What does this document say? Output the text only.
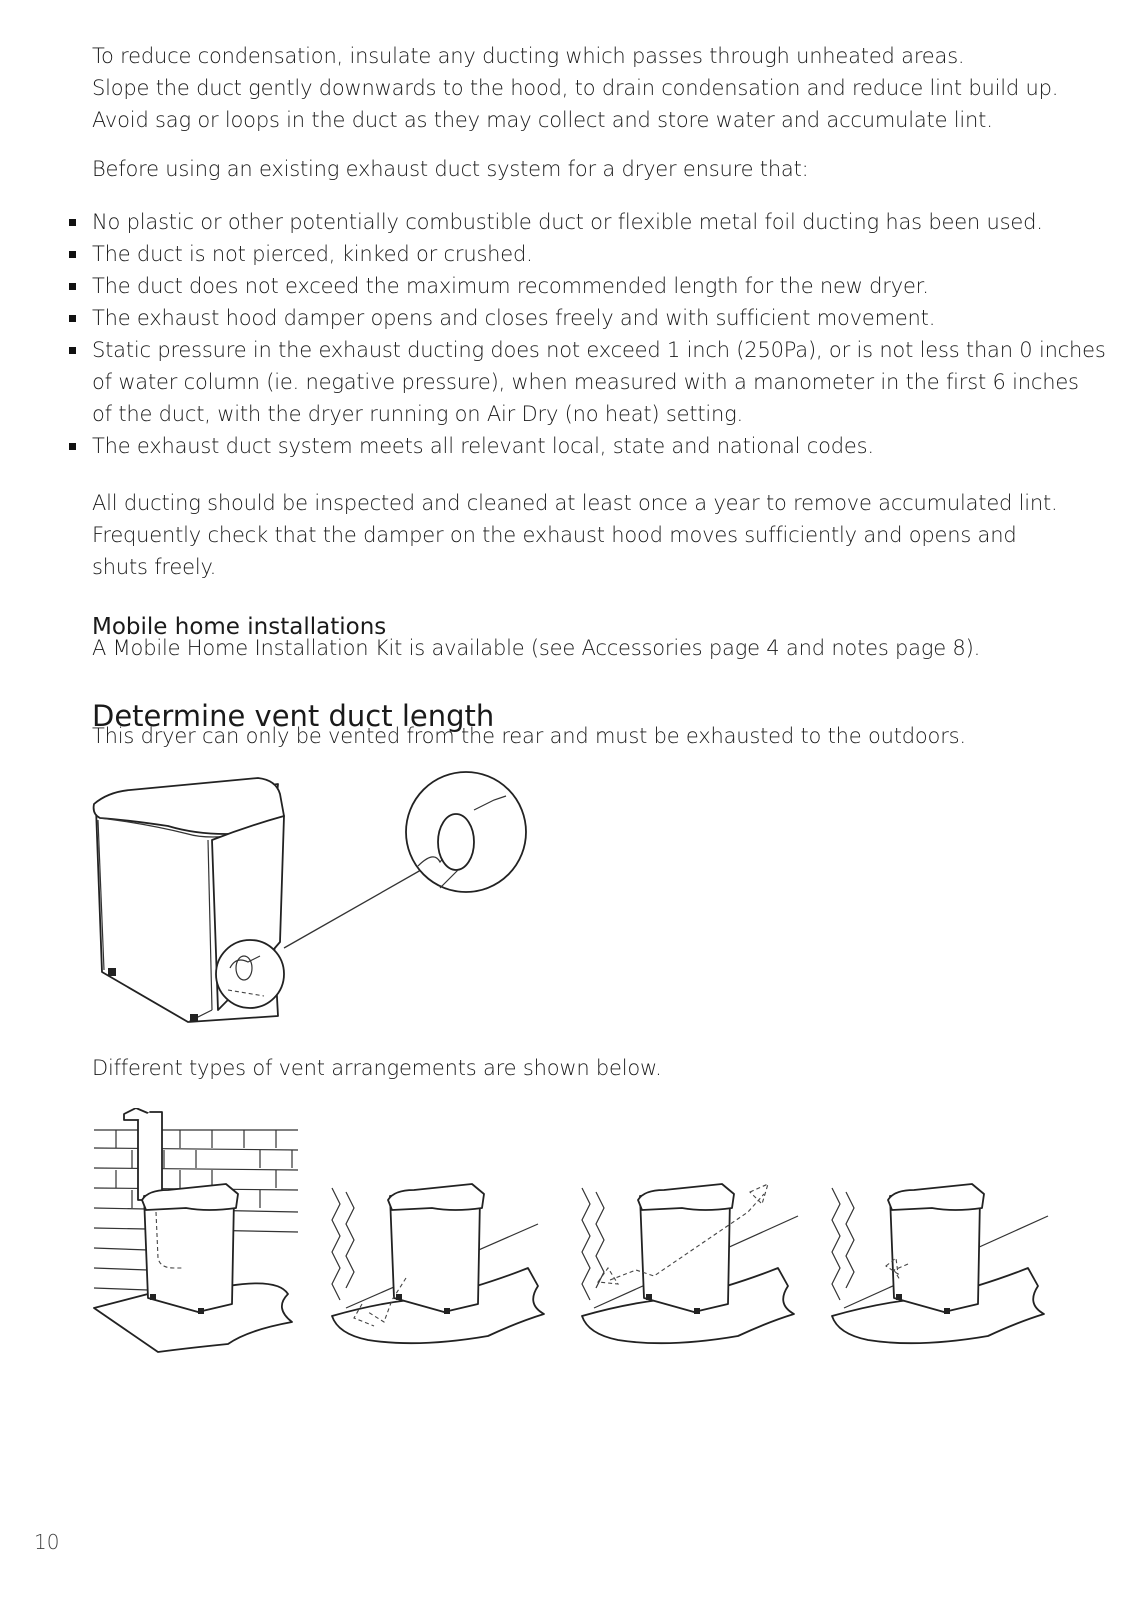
To reduce condensation, insulate any ducting which passes through unheated areas.
Slope the duct gently downwards to the hood, to drain condensation and reduce lint build up.
Avoid sag or loops in the duct as they may collect and store water and accumulate lint.

Before using an existing exhaust duct system for a dryer ensure that:

No plastic or other potentially combustible duct or flexible metal foil ducting has been used.
The duct is not pierced, kinked or crushed.
The duct does not exceed the maximum recommended length for the new dryer.
The exhaust hood damper opens and closes freely and with sufficient movement.
Static pressure in the exhaust ducting does not exceed 1 inch (250Pa), or is not less than 0 inches
of water column (ie. negative pressure), when measured with a manometer in the first 6 inches
of the duct, with the dryer running on Air Dry (no heat) setting.
The exhaust duct system meets all relevant local, state and national codes.

All ducting should be inspected and cleaned at least once a year to remove accumulated lint.
Frequently check that the damper on the exhaust hood moves sufficiently and opens and
shuts freely.

Mobile home installations

A Mobile Home Installation Kit is available (see Accessories page 4 and notes page 8).

Determine vent duct length

This dryer can only be vented from the rear and must be exhausted to the outdoors.

Different types of vent arrangements are shown below.

10
